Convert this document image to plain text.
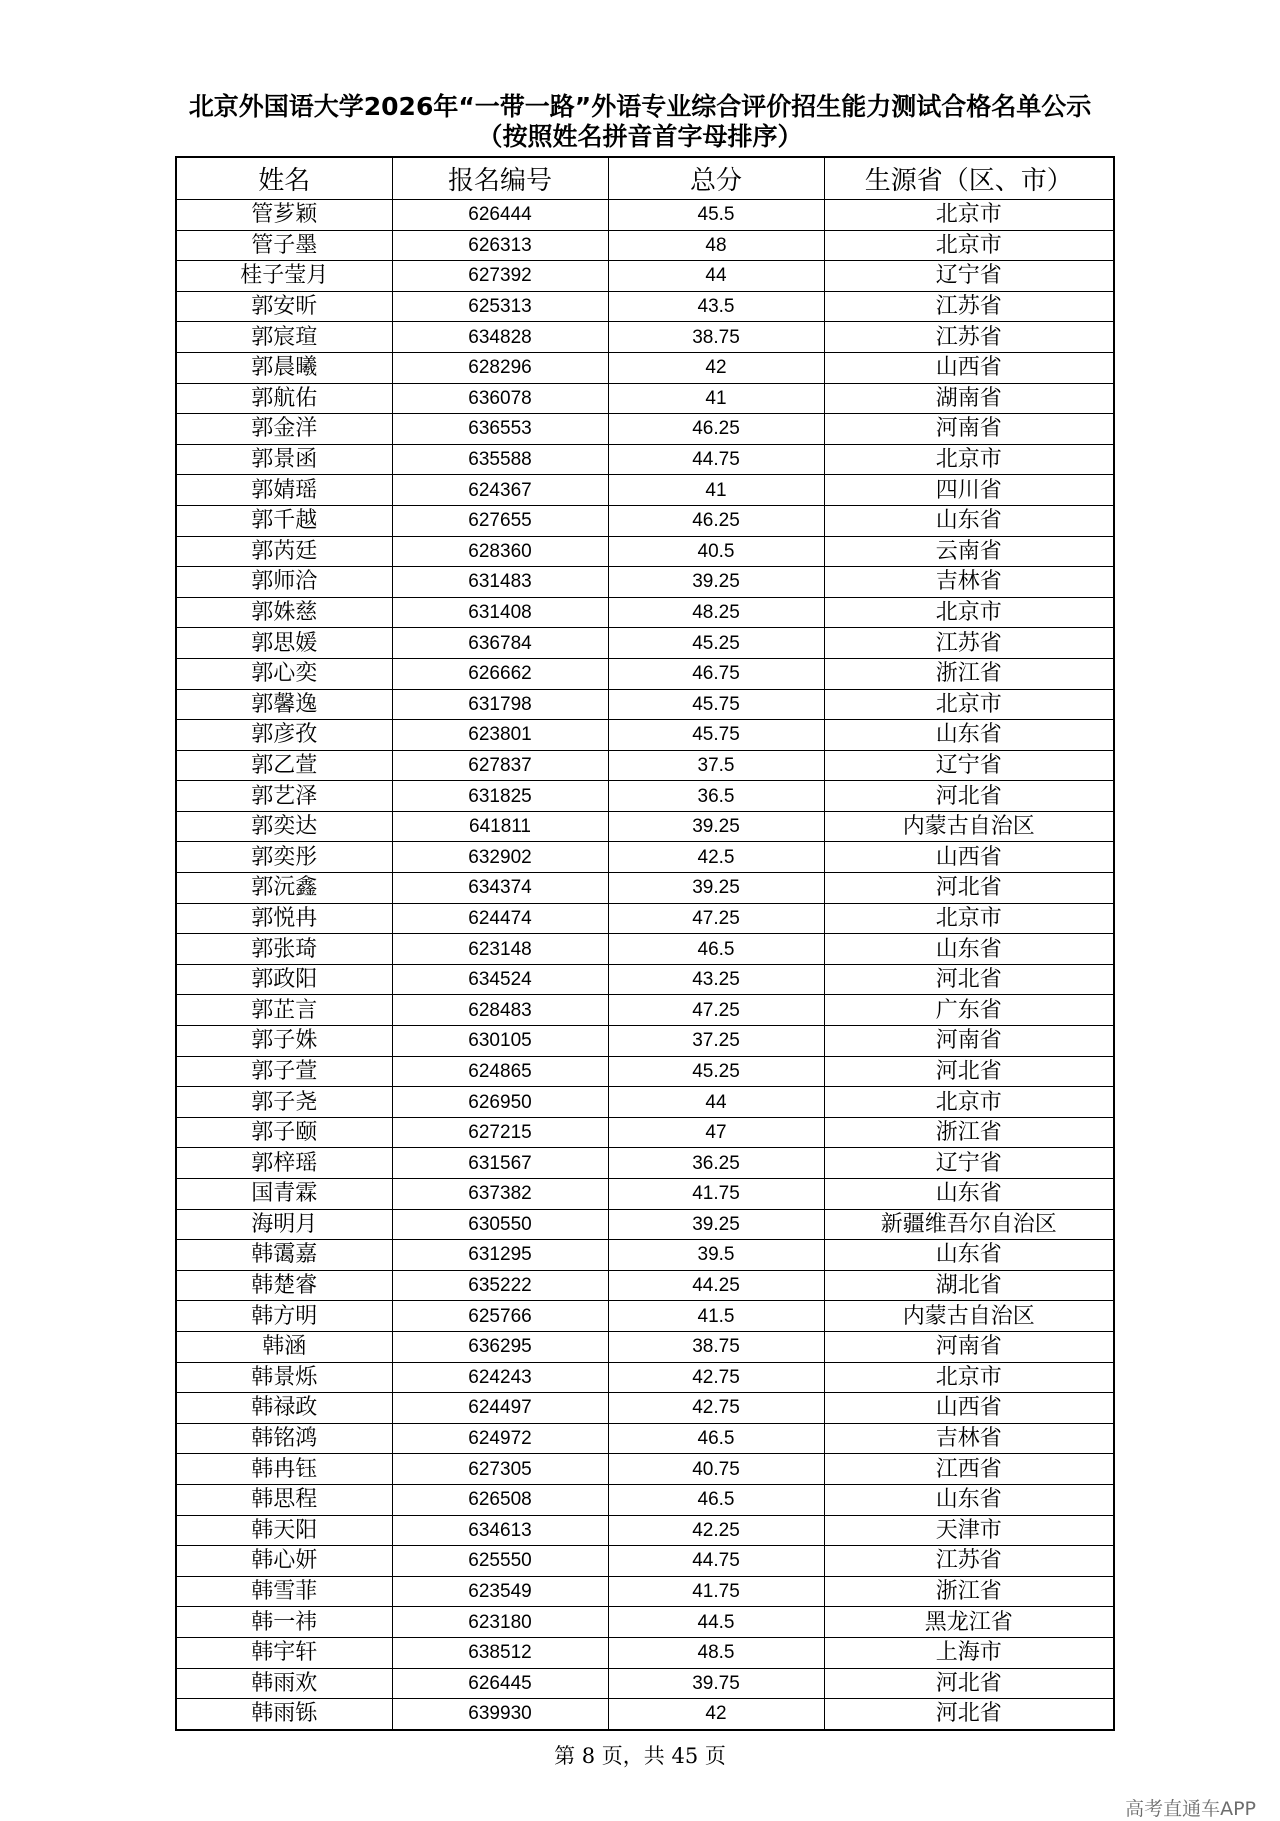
北京外国语大学2026年“一带一路”外语专业综合评价招生能力测试合格名单公示
（按照姓名拼音首字母排序）
姓名	报名编号	总分	生源省（区、市）
管芗颖	626444	45.5	北京市
管子墨	626313	48	北京市
桂子莹月	627392	44	辽宁省
郭安昕	625313	43.5	江苏省
郭宸瑄	634828	38.75	江苏省
郭晨曦	628296	42	山西省
郭航佑	636078	41	湖南省
郭金洋	636553	46.25	河南省
郭景函	635588	44.75	北京市
郭婧瑶	624367	41	四川省
郭千越	627655	46.25	山东省
郭芮廷	628360	40.5	云南省
郭师洽	631483	39.25	吉林省
郭姝慈	631408	48.25	北京市
郭思媛	636784	45.25	江苏省
郭心奕	626662	46.75	浙江省
郭馨逸	631798	45.75	北京市
郭彦孜	623801	45.75	山东省
郭乙萱	627837	37.5	辽宁省
郭艺泽	631825	36.5	河北省
郭奕达	641811	39.25	内蒙古自治区
郭奕彤	632902	42.5	山西省
郭沅鑫	634374	39.25	河北省
郭悦冉	624474	47.25	北京市
郭张琦	623148	46.5	山东省
郭政阳	634524	43.25	河北省
郭芷言	628483	47.25	广东省
郭子姝	630105	37.25	河南省
郭子萱	624865	45.25	河北省
郭子尧	626950	44	北京市
郭子颐	627215	47	浙江省
郭梓瑶	631567	36.25	辽宁省
国青霖	637382	41.75	山东省
海明月	630550	39.25	新疆维吾尔自治区
韩霭嘉	631295	39.5	山东省
韩楚睿	635222	44.25	湖北省
韩方明	625766	41.5	内蒙古自治区
韩涵	636295	38.75	河南省
韩景烁	624243	42.75	北京市
韩禄政	624497	42.75	山西省
韩铭鸿	624972	46.5	吉林省
韩冉钰	627305	40.75	江西省
韩思程	626508	46.5	山东省
韩天阳	634613	42.25	天津市
韩心妍	625550	44.75	江苏省
韩雪菲	623549	41.75	浙江省
韩一祎	623180	44.5	黑龙江省
韩宇轩	638512	48.5	上海市
韩雨欢	626445	39.75	河北省
韩雨铄	639930	42	河北省
第 8 页，共 45 页
高考直通车APP
